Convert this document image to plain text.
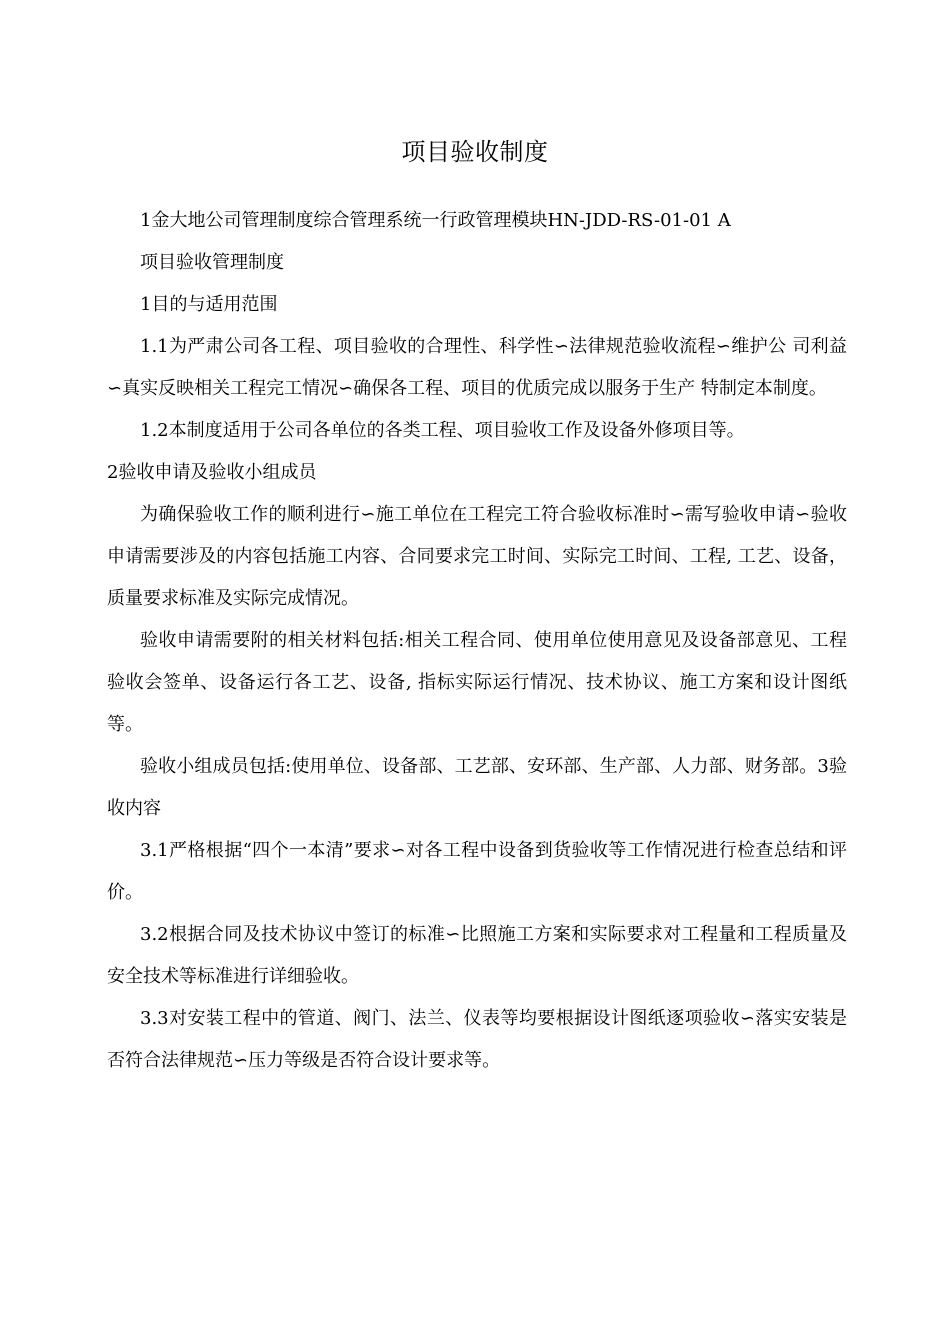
项目验收制度

1金大地公司管理制度综合管理系统一行政管理模块HN-JDD-RS-01-01 A

项目验收管理制度

1目的与适用范围

1.1为严肃公司各工程、项目验收的合理性、科学性∽法律规范验收流程∽维护公 司利益∽真实反映相关工程完工情况∽确保各工程、项目的优质完成以服务于生产 特制定本制度。

1.2本制度适用于公司各单位的各类工程、项目验收工作及设备外修项目等。

2验收申请及验收小组成员

为确保验收工作的顺利进行∽施工单位在工程完工符合验收标准时∽需写验收申请∽验收申请需要涉及的内容包括施工内容、合同要求完工时间、实际完工时间、工程, 工艺、设备，质量要求标准及实际完成情况。

验收申请需要附的相关材料包括:相关工程合同、使用单位使用意见及设备部意见、工程验收会签单、设备运行各工艺、设备, 指标实际运行情况、技术协议、施工方案和设计图纸等。

验收小组成员包括:使用单位、设备部、工艺部、安环部、生产部、人力部、财务部。3验收内容

3.1严格根据“四个一本清”要求∽对各工程中设备到货验收等工作情况进行检查总结和评价。

3.2根据合同及技术协议中签订的标准∽比照施工方案和实际要求对工程量和工程质量及安全技术等标准进行详细验收。

3.3对安装工程中的管道、阀门、法兰、仪表等均要根据设计图纸逐项验收∽落实安装是否符合法律规范∽压力等级是否符合设计要求等。
